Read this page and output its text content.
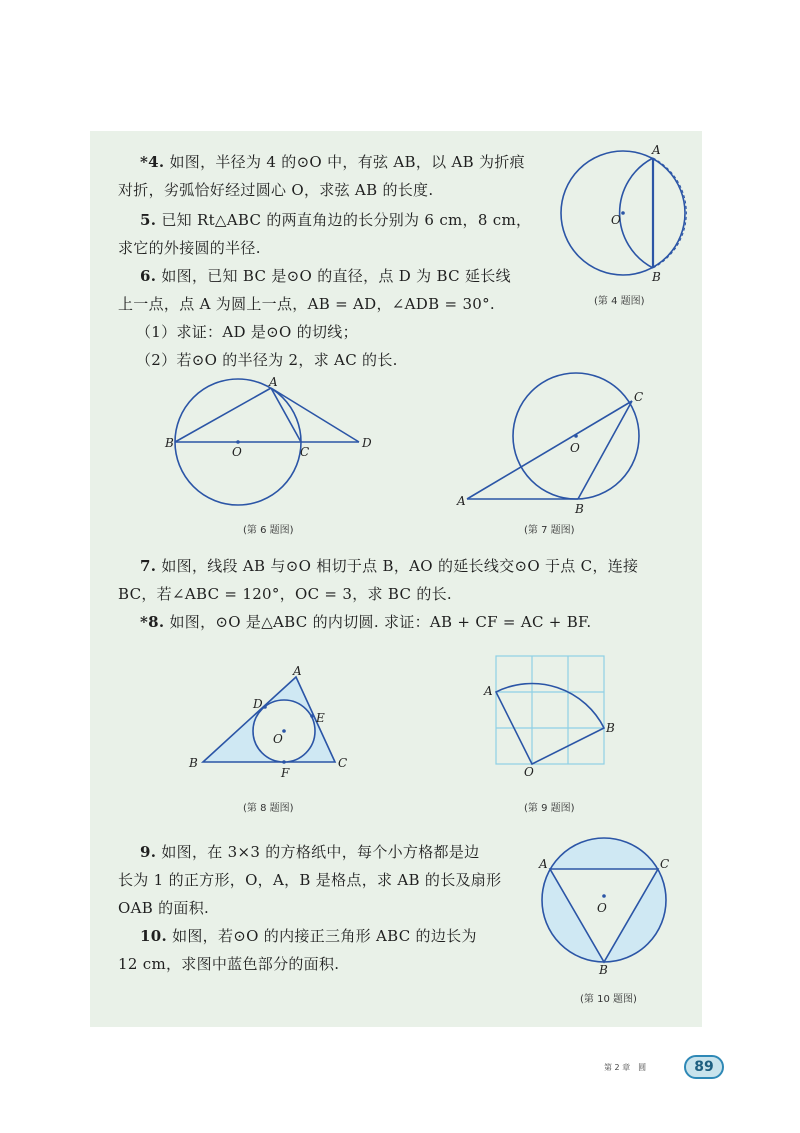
*4. 如图，半径为 4 的⊙O 中，有弦 AB，以 AB 为折痕
对折，劣弧恰好经过圆心 O，求弦 AB 的长度.
5. 已知 Rt△ABC 的两直角边的长分别为 6 cm，8 cm，
求它的外接圆的半径.
6. 如图，已知 BC 是⊙O 的直径，点 D 为 BC 延长线
上一点，点 A 为圆上一点，AB = AD，∠ADB = 30°.
（1）求证：AD 是⊙O 的切线；
（2）若⊙O 的半径为 2，求 AC 的长.
A
B
O
(第 4 题图)
A
B
C
D
O
(第 6 题图)
A
B
C
O
(第 7 题图)
7. 如图，线段 AB 与⊙O 相切于点 B，AO 的延长线交⊙O 于点 C，连接
BC，若∠ABC = 120°，OC = 3，求 BC 的长.
*8. 如图，⊙O 是△ABC 的内切圆. 求证：AB + CF = AC + BF.
A
B	C
D
E
F
O
(第 8 题图)
A
B
O
(第 9 题图)
9. 如图，在 3×3 的方格纸中，每个小方格都是边
长为 1 的正方形，O，A，B 是格点，求 AB 的长及扇形
OAB 的面积.
10. 如图，若⊙O 的内接正三角形 ABC 的边长为
12 cm，求图中蓝色部分的面积.
A	C
B
O
(第 10 题图)
第 2 章　圆	89
